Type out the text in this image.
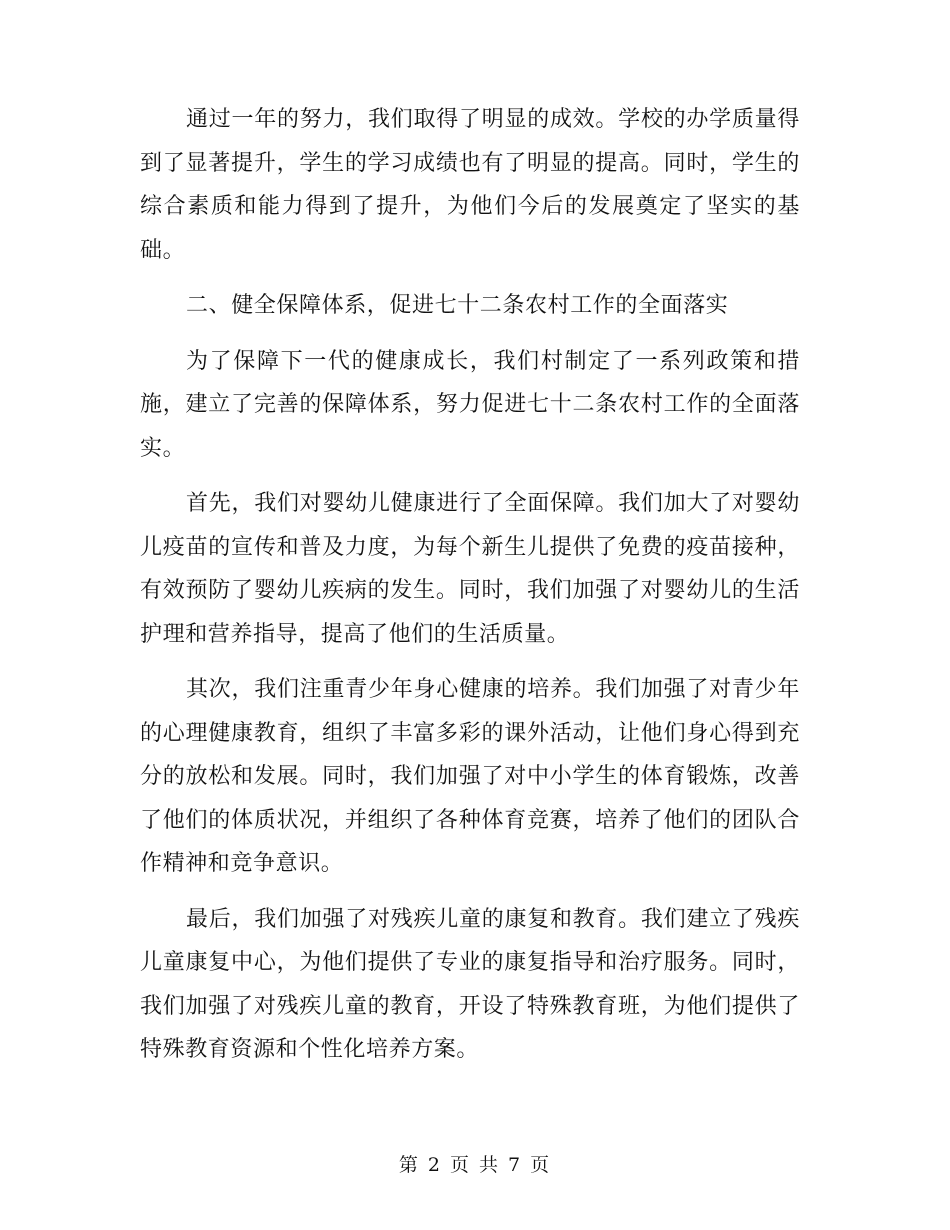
通过一年的努力，我们取得了明显的成效。学校的办学质量得到了显著提升，学生的学习成绩也有了明显的提高。同时，学生的综合素质和能力得到了提升，为他们今后的发展奠定了坚实的基础。

二、健全保障体系，促进七十二条农村工作的全面落实

为了保障下一代的健康成长，我们村制定了一系列政策和措施，建立了完善的保障体系，努力促进七十二条农村工作的全面落实。

首先，我们对婴幼儿健康进行了全面保障。我们加大了对婴幼儿疫苗的宣传和普及力度，为每个新生儿提供了免费的疫苗接种，有效预防了婴幼儿疾病的发生。同时，我们加强了对婴幼儿的生活护理和营养指导，提高了他们的生活质量。

其次，我们注重青少年身心健康的培养。我们加强了对青少年的心理健康教育，组织了丰富多彩的课外活动，让他们身心得到充分的放松和发展。同时，我们加强了对中小学生的体育锻炼，改善了他们的体质状况，并组织了各种体育竞赛，培养了他们的团队合作精神和竞争意识。

最后，我们加强了对残疾儿童的康复和教育。我们建立了残疾儿童康复中心，为他们提供了专业的康复指导和治疗服务。同时，我们加强了对残疾儿童的教育，开设了特殊教育班，为他们提供了特殊教育资源和个性化培养方案。

第 2 页 共 7 页
